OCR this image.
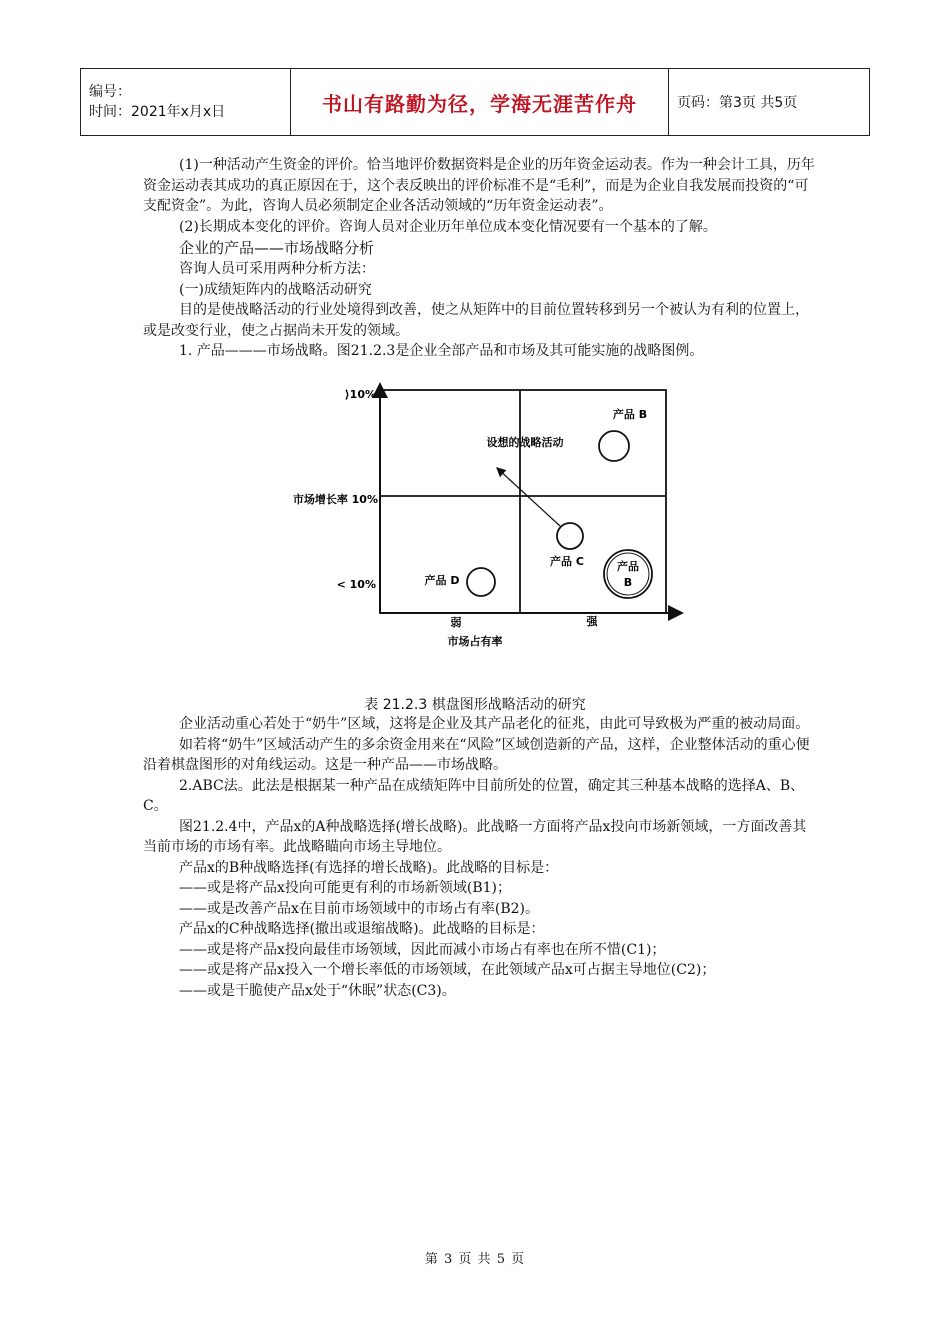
编号：
时间：2021年x月x日	书山有路勤为径，学海无涯苦作舟	页码：第3页 共5页

(1)一种活动产生资金的评价。恰当地评价数据资料是企业的历年资金运动表。作为一种会计工具，历年资金运动表其成功的真正原因在于，这个表反映出的评价标准不是“毛利”，而是为企业自我发展而投资的“可支配资金”。为此，咨询人员必须制定企业各活动领域的“历年资金运动表”。

(2)长期成本变化的评价。咨询人员对企业历年单位成本变化情况要有一个基本的了解。

企业的产品——市场战略分析

咨询人员可采用两种分析方法：

(一)成绩矩阵内的战略活动研究

目的是使战略活动的行业处境得到改善，使之从矩阵中的目前位置转移到另一个被认为有利的位置上，或是改变行业，使之占据尚未开发的领域。

1. 产品———市场战略。图21.2.3是企业全部产品和市场及其可能实施的战略图例。

⟩10%
市场增长率 10%
< 10%
弱	强
市场占有率
产品 B
设想的战略活动
产品 C	产品
B
产品 D
表 21.2.3 棋盘图形战略活动的研究

企业活动重心若处于“奶牛”区域，这将是企业及其产品老化的征兆，由此可导致极为严重的被动局面。

如若将“奶牛”区域活动产生的多余资金用来在“风险”区域创造新的产品，这样，企业整体活动的重心便沿着棋盘图形的对角线运动。这是一种产品——市场战略。

2.ABC法。此法是根据某一种产品在成绩矩阵中目前所处的位置，确定其三种基本战略的选择A、B、C。

图21.2.4中，产品x的A种战略选择(增长战略)。此战略一方面将产品x投向市场新领域，一方面改善其当前市场的市场有率。此战略瞄向市场主导地位。

产品x的B种战略选择(有选择的增长战略)。此战略的目标是：

——或是将产品x投向可能更有利的市场新领域(B1)；

——或是改善产品x在目前市场领域中的市场占有率(B2)。

产品x的C种战略选择(撤出或退缩战略)。此战略的目标是：

——或是将产品x投向最佳市场领域，因此而减小市场占有率也在所不惜(C1)；

——或是将产品x投入一个增长率低的市场领域，在此领域产品x可占据主导地位(C2)；

——或是干脆使产品x处于“休眠”状态(C3)。

第 3 页 共 5 页
